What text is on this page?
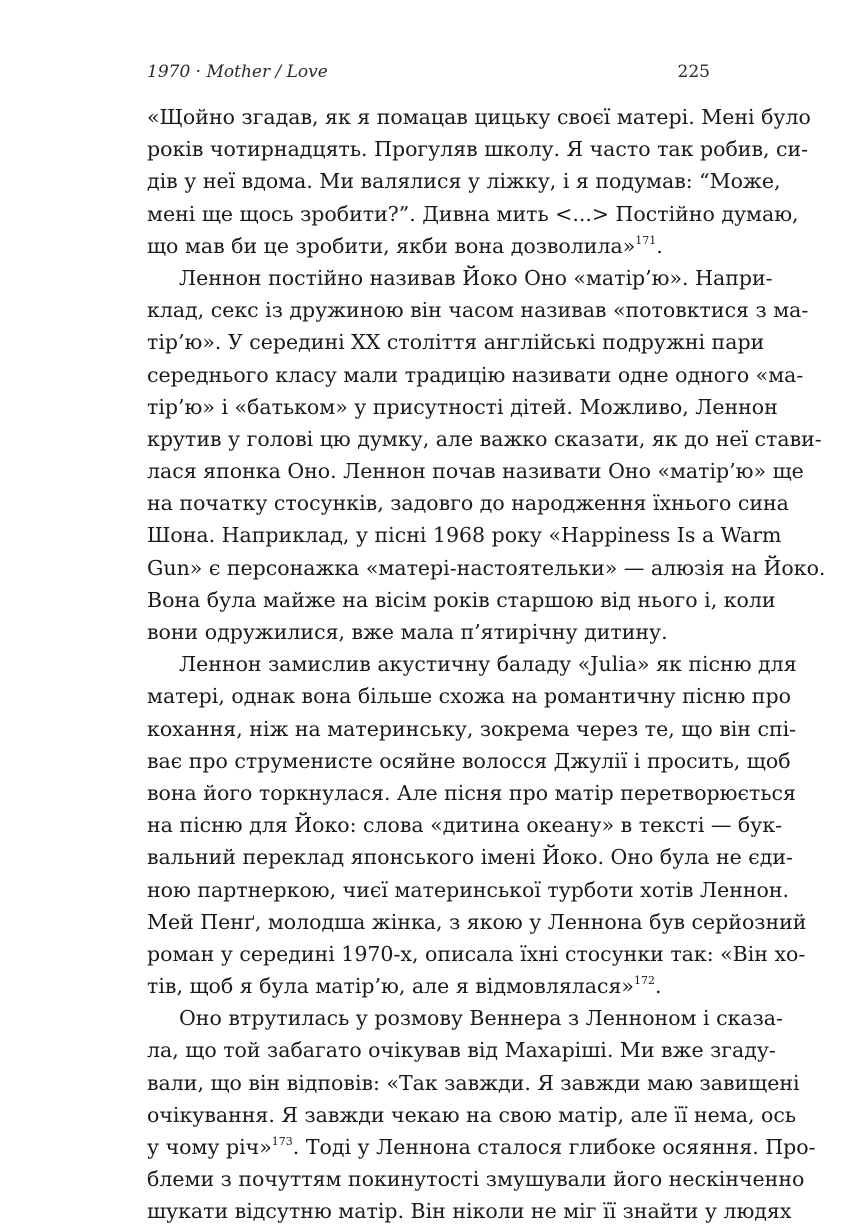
1970 · Mother / Love	225
«Щойно згадав, як я помацав цицьку своєї матері. Мені було
років чотирнадцять. Прогуляв школу. Я часто так робив, си-
дів у неї вдома. Ми валялися у ліжку, і я подумав: “Може,
мені ще щось зробити?”. Дивна мить <...> Постійно думаю,
що мав би це зробити, якби вона дозволила»$^{171}$.
Леннон постійно називав Йоко Оно «матір’ю». Напри-
клад, секс із дружиною він часом називав «потовктися з ма-
тір’ю». У середині XX століття англійські подружні пари
середнього класу мали традицію називати одне одного «ма-
тір’ю» і «батьком» у присутності дітей. Можливо, Леннон
крутив у голові цю думку, але важко сказати, як до неї стави-
лася японка Оно. Леннон почав називати Оно «матір’ю» ще
на початку стосунків, задовго до народження їхнього сина
Шона. Наприклад, у пісні 1968 року «Happiness Is a Warm
Gun» є персонажка «матері-настоятельки» — алюзія на Йоко.
Вона була майже на вісім років старшою від нього і, коли
вони одружилися, вже мала п’ятирічну дитину.
Леннон замислив акустичну баладу «Julia» як пісню для
матері, однак вона більше схожа на романтичну пісню про
кохання, ніж на материнську, зокрема через те, що він спі-
ває про струменисте осяйне волосся Джулії і просить, щоб
вона його торкнулася. Але пісня про матір перетворюється
на пісню для Йоко: слова «дитина океану» в тексті — бук-
вальний переклад японського імені Йоко. Оно була не єди-
ною партнеркою, чиєї материнської турботи хотів Леннон.
Мей Пенґ, молодша жінка, з якою у Леннона був серйозний
роман у середині 1970-х, описала їхні стосунки так: «Він хо-
тів, щоб я була матір’ю, але я відмовлялася»$^{172}$.
Оно втрутилась у розмову Веннера з Ленноном і сказа-
ла, що той забагато очікував від Махаріші. Ми вже згаду-
вали, що він відповів: «Так завжди. Я завжди маю завищені
очікування. Я завжди чекаю на свою матір, але її нема, ось
у чому річ»$^{173}$. Тоді у Леннона сталося глибоке осяяння. Про-
блеми з почуттям покинутості змушували його нескінченно
шукати відсутню матір. Він ніколи не міг її знайти у людях
